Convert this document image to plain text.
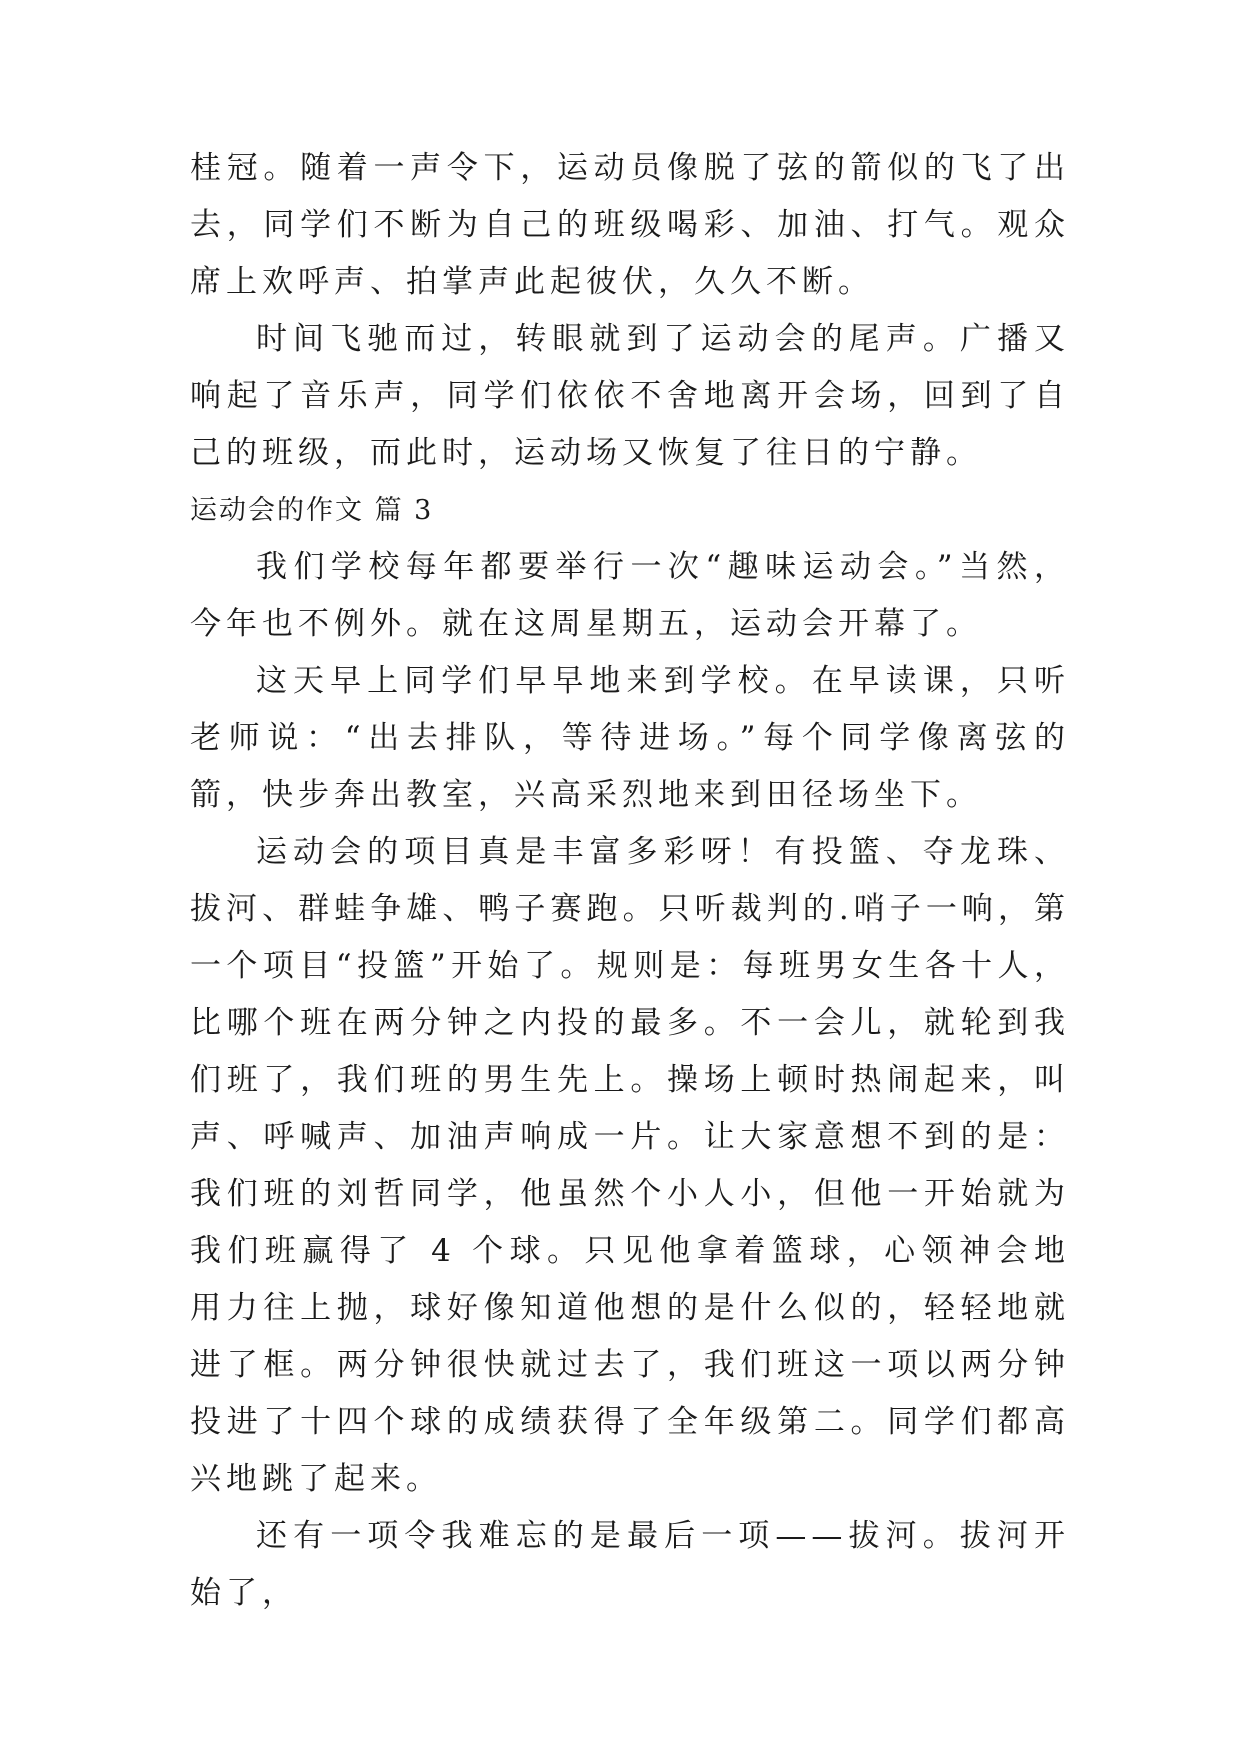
桂冠。随着一声令下，运动员像脱了弦的箭似的飞了出去，同学们不断为自己的班级喝彩、加油、打气。观众席上欢呼声、拍掌声此起彼伏，久久不断。

时间飞驰而过，转眼就到了运动会的尾声。广播又响起了音乐声，同学们依依不舍地离开会场，回到了自己的班级，而此时，运动场又恢复了往日的宁静。

运动会的作文 篇 3

我们学校每年都要举行一次“趣味运动会。”当然，今年也不例外。就在这周星期五，运动会开幕了。

这天早上同学们早早地来到学校。在早读课，只听老师说：“出去排队，等待进场。”每个同学像离弦的箭，快步奔出教室，兴高采烈地来到田径场坐下。

运动会的项目真是丰富多彩呀！有投篮、夺龙珠、拔河、群蛙争雄、鸭子赛跑。只听裁判的.哨子一响，第一个项目“投篮”开始了。规则是：每班男女生各十人，比哪个班在两分钟之内投的最多。不一会儿，就轮到我们班了，我们班的男生先上。操场上顿时热闹起来，叫声、呼喊声、加油声响成一片。让大家意想不到的是：我们班的刘哲同学，他虽然个小人小，但他一开始就为我们班赢得了 4 个球。只见他拿着篮球，心领神会地用力往上抛，球好像知道他想的是什么似的，轻轻地就进了框。两分钟很快就过去了，我们班这一项以两分钟投进了十四个球的成绩获得了全年级第二。同学们都高兴地跳了起来。

还有一项令我难忘的是最后一项——拔河。拔河开始了，
